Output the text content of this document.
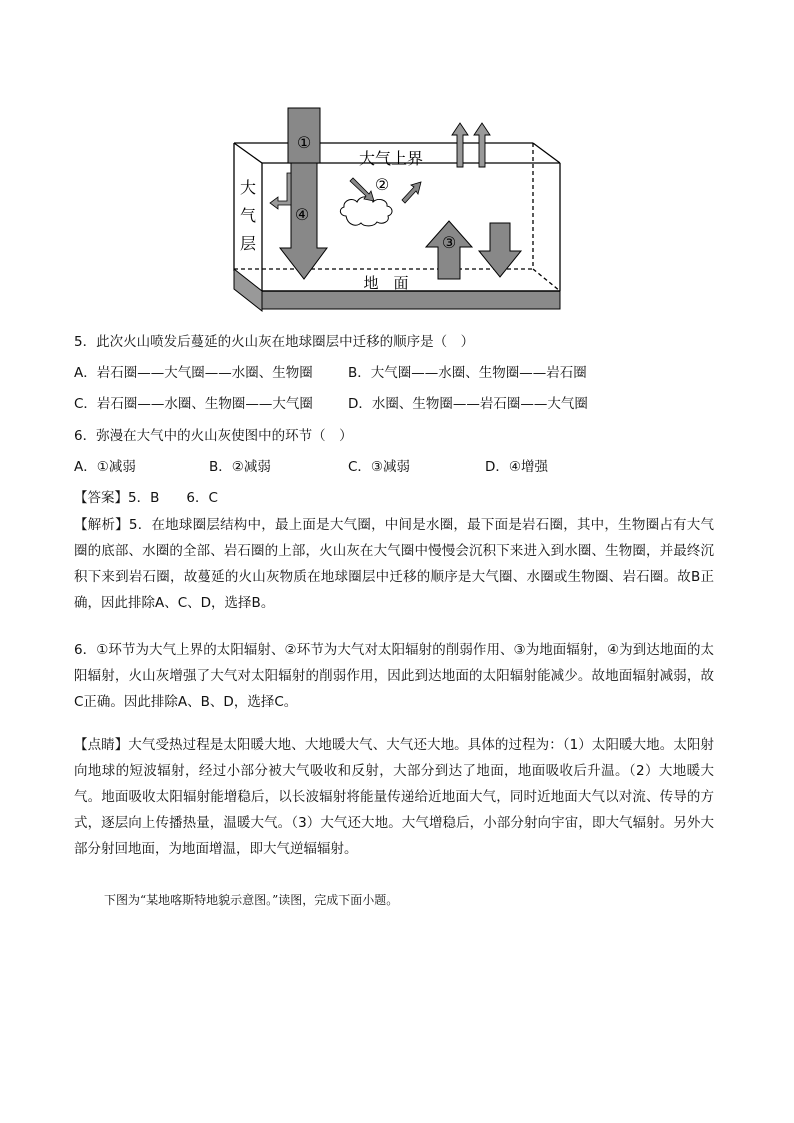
①
④
②
③
大气上界
大
气
层
地　面
5．此次火山喷发后蔓延的火山灰在地球圈层中迁移的顺序是（　）
A．岩石圈——大气圈——水圈、生物圈	B．大气圈——水圈、生物圈——岩石圈
C．岩石圈——水圈、生物圈——大气圈	D．水圈、生物圈——岩石圈——大气圈
6．弥漫在大气中的火山灰使图中的环节（　）
A．①减弱	B．②减弱	C．③减弱	D．④增强
【答案】5．B　　6．C
【解析】5．在地球圈层结构中，最上面是大气圈，中间是水圈，最下面是岩石圈，其中，生物圈占有大气圈的底部、水圈的全部、岩石圈的上部，火山灰在大气圈中慢慢会沉积下来进入到水圈、生物圈，并最终沉积下来到岩石圈，故蔓延的火山灰物质在地球圈层中迁移的顺序是大气圈、水圈或生物圈、岩石圈。故B正确，因此排除A、C、D，选择B。
6．①环节为大气上界的太阳辐射、②环节为大气对太阳辐射的削弱作用、③为地面辐射，④为到达地面的太阳辐射，火山灰增强了大气对太阳辐射的削弱作用，因此到达地面的太阳辐射能减少。故地面辐射减弱，故C正确。因此排除A、B、D，选择C。
【点睛】大气受热过程是太阳暖大地、大地暖大气、大气还大地。具体的过程为：（1）太阳暖大地。太阳射向地球的短波辐射，经过小部分被大气吸收和反射，大部分到达了地面，地面吸收后升温。（2）大地暖大气。地面吸收太阳辐射能增稳后，以长波辐射将能量传递给近地面大气，同时近地面大气以对流、传导的方式，逐层向上传播热量，温暖大气。（3）大气还大地。大气增稳后，小部分射向宇宙，即大气辐射。另外大部分射回地面，为地面增温，即大气逆辐辐射。
下图为“某地喀斯特地貌示意图。”读图，完成下面小题。
